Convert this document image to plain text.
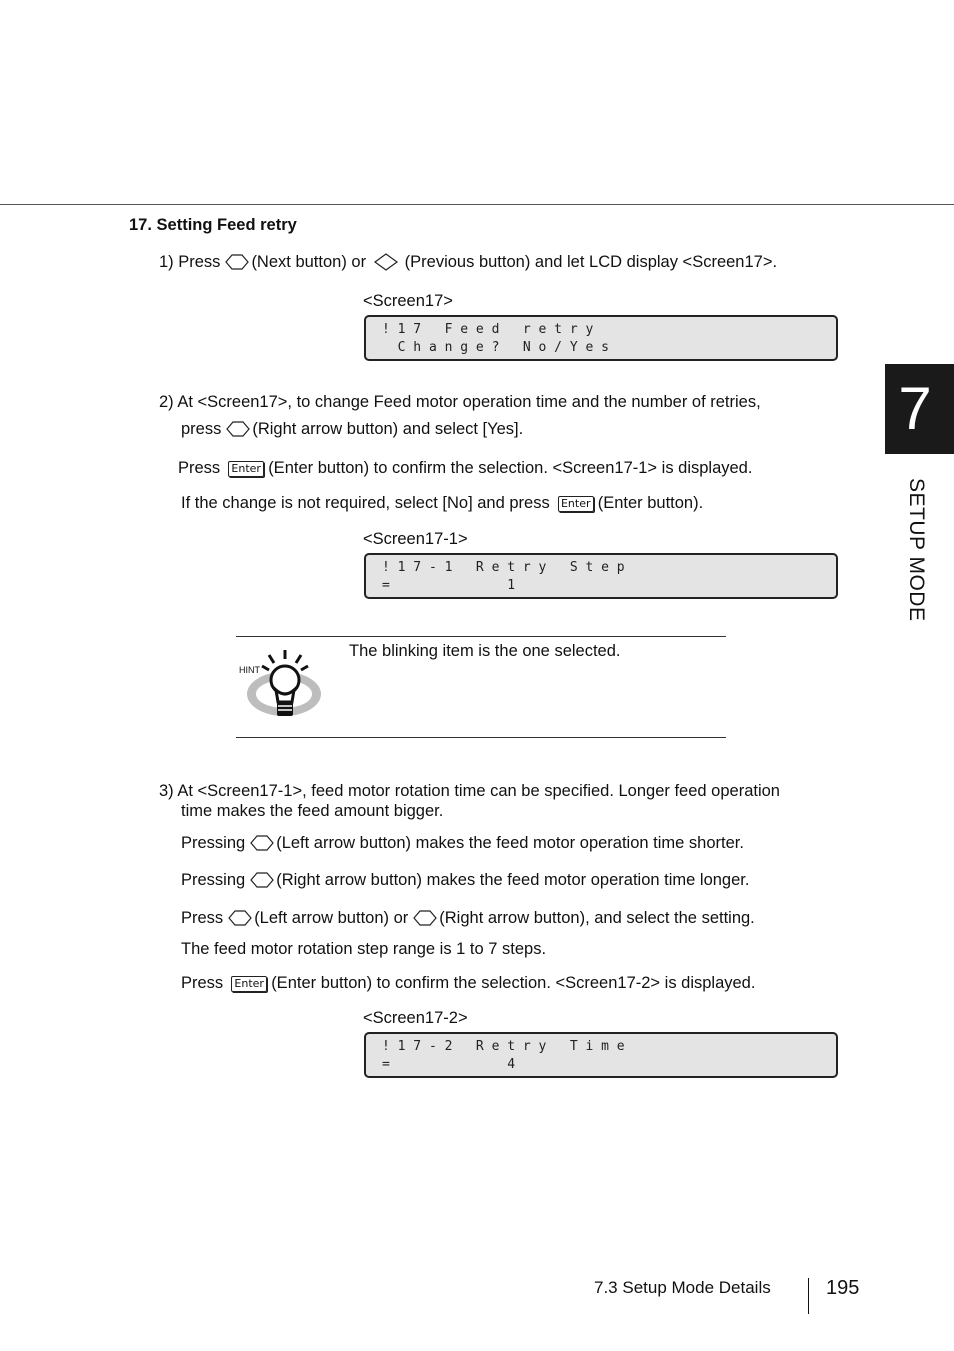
17. Setting Feed retry
1) Press (Next button) or (Previous button) and let LCD display <Screen17>.
<Screen17>
! 1 7   F e e d   r e t r y
C h a n g e ?   N o / Y e s
2) At <Screen17>, to change Feed motor operation time and the number of retries,
press (Right arrow button) and select [Yes].
Press Enter (Enter button) to confirm the selection. <Screen17-1> is displayed.
If the change is not required, select [No] and press Enter (Enter button).
<Screen17-1>
! 1 7 - 1   R e t r y   S t e p
=               1
HINT
The blinking item is the one selected.
3) At <Screen17-1>, feed motor rotation time can be specified. Longer feed operation
time makes the feed amount bigger.
Pressing (Left arrow button) makes the feed motor operation time shorter.
Pressing (Right arrow button) makes the feed motor operation time longer.
Press (Left arrow button) or (Right arrow button), and select the setting.
The feed motor rotation step range is 1 to 7 steps.
Press Enter (Enter button) to confirm the selection. <Screen17-2> is displayed.
<Screen17-2>
! 1 7 - 2   R e t r y   T i m e
=               4
7
SETUP MODE
7.3 Setup Mode Details	195
